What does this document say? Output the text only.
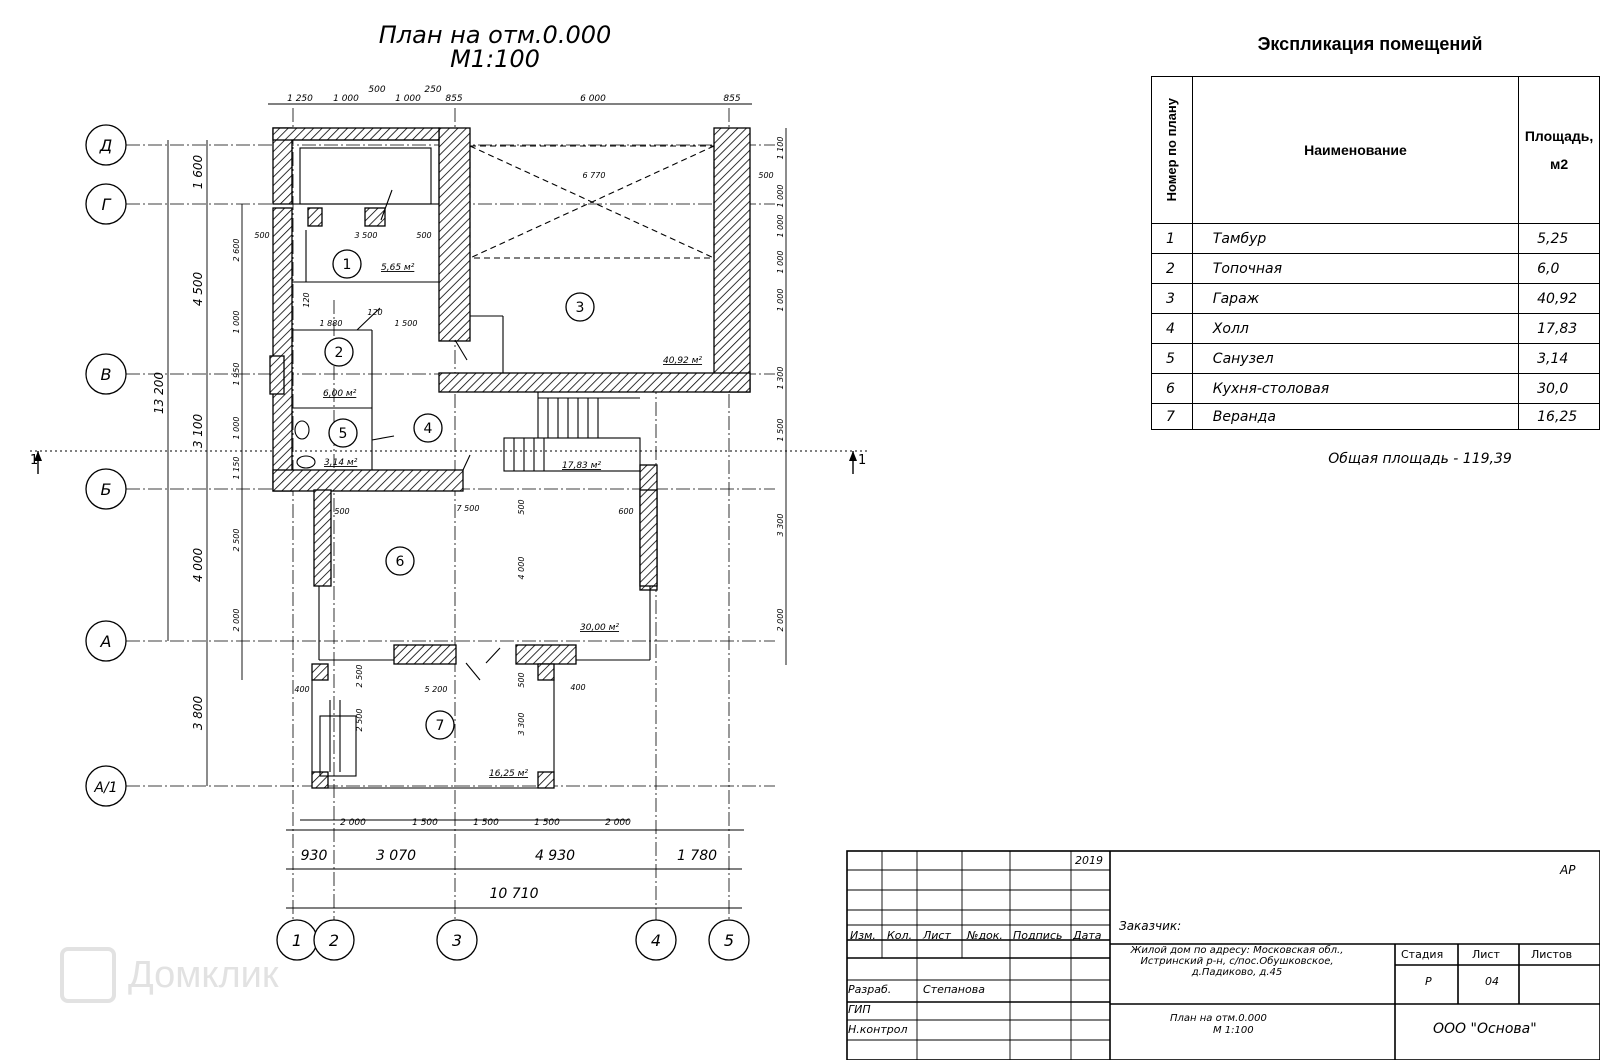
План на отм.0.000
М1:100
Д
Г
В
Б
А
А/1
1 2	3	4	5
1	1
1
2
3
4
5
6
7
5,65 м²
6,00 м²
40,92 м²
17,83 м²
3,14 м²
30,00 м²
16,25 м²
1 250 1 000
500
1 000
250
855	6 000	855
2 000	1 500	1 500	1 500	2 000
930	3 070	4 930	1 780
10 710
1 600
4 500
3 100
4 000
3 800
13 200
2 600
1 000
1 950
1 000
1 150
2 500
2 000
2 500
1 100
1 000
1 000
1 000
1 000
1 300
1 500
3 300
2 000
3 500
500	500
6 770	500
1 880	1 500
120
120
500	7 500	500	600
4 000
5 200
400	400
3 300
2 500	500
Экспликация помещений
Номер по плану	Наименование	Площадь, м2
1	Тамбур	5,25
2	Топочная	6,0
3	Гараж	40,92
4	Холл	17,83
5	Санузел	3,14
6	Кухня-столовая	30,0
7	Веранда	16,25
Общая площадь - 119,39
2019
АР
Заказчик:
Жилой дом по адресу: Московская обл., Истринский р-н, с/пос.Обушковское, д.Падиково, д.45
Изм. Кол. Лист №док. Подпись Дата
Стадия	Лист	Листов
Р	04
Разраб.	Степанова
ГИП
Н.контрол
План на отм.0.000
М 1:100	ООО "Основа"
Домклик
